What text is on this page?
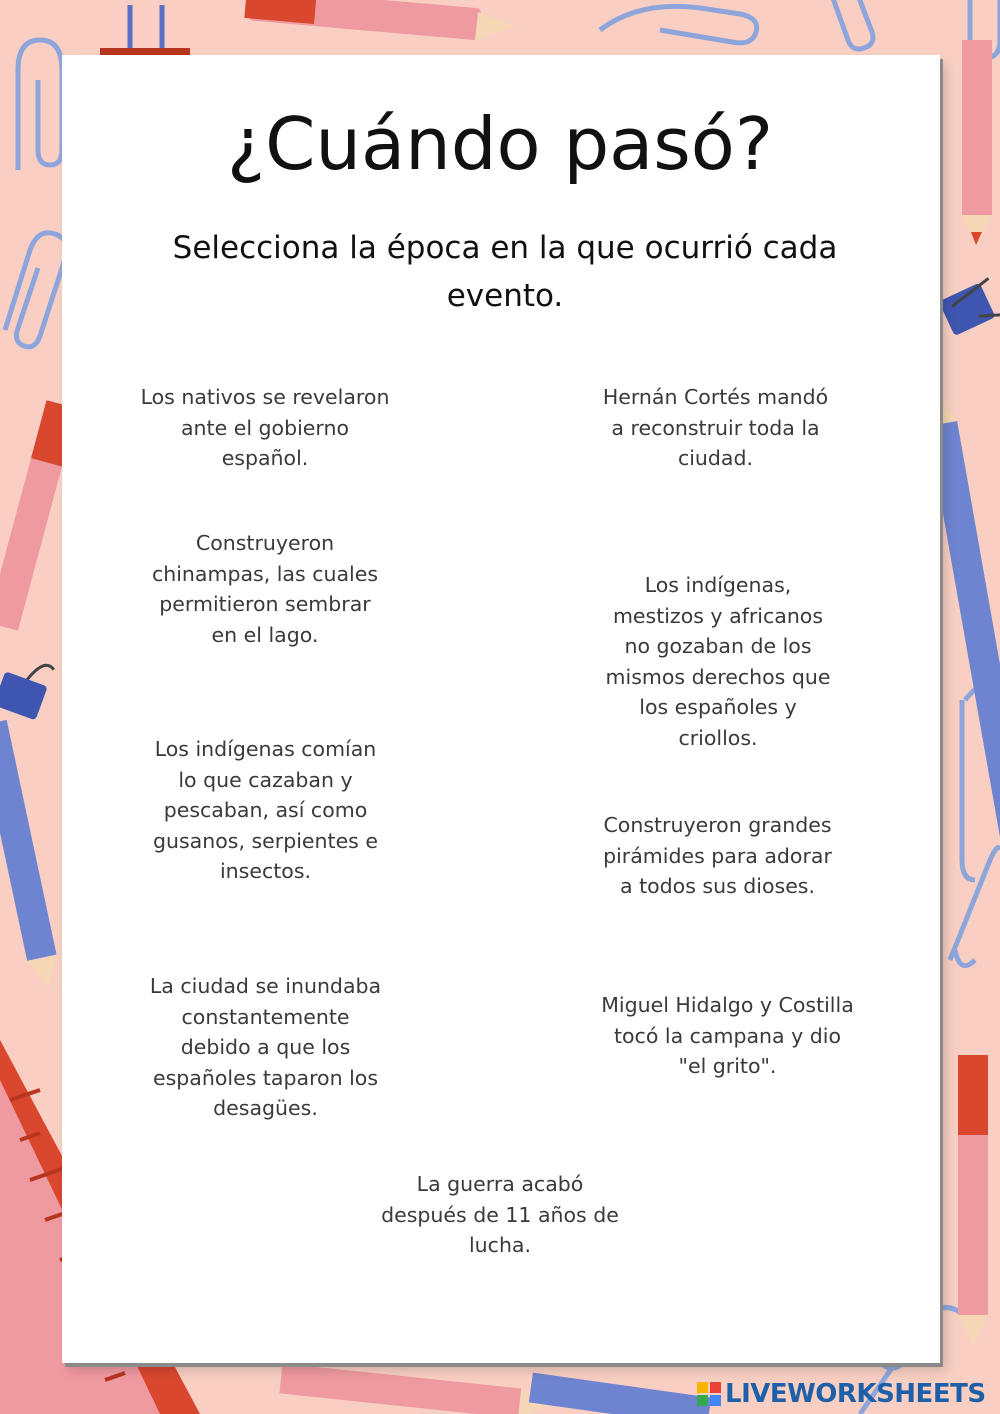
¿Cuándo pasó?

Selecciona la época en la que ocurrió cada evento.

Los nativos se revelaron ante el gobierno español.

Hernán Cortés mandó a reconstruir toda la ciudad.

Construyeron chinampas, las cuales permitieron sembrar en el lago.

Los indígenas, mestizos y africanos no gozaban de los mismos derechos que los españoles y criollos.

Los indígenas comían lo que cazaban y pescaban, así como gusanos, serpientes e insectos.

Construyeron grandes pirámides para adorar a todos sus dioses.

La ciudad se inundaba constantemente debido a que los españoles taparon los desagües.

Miguel Hidalgo y Costilla tocó la campana y dio "el grito".

La guerra acabó después de 11 años de lucha.

LIVEWORKSHEETS
